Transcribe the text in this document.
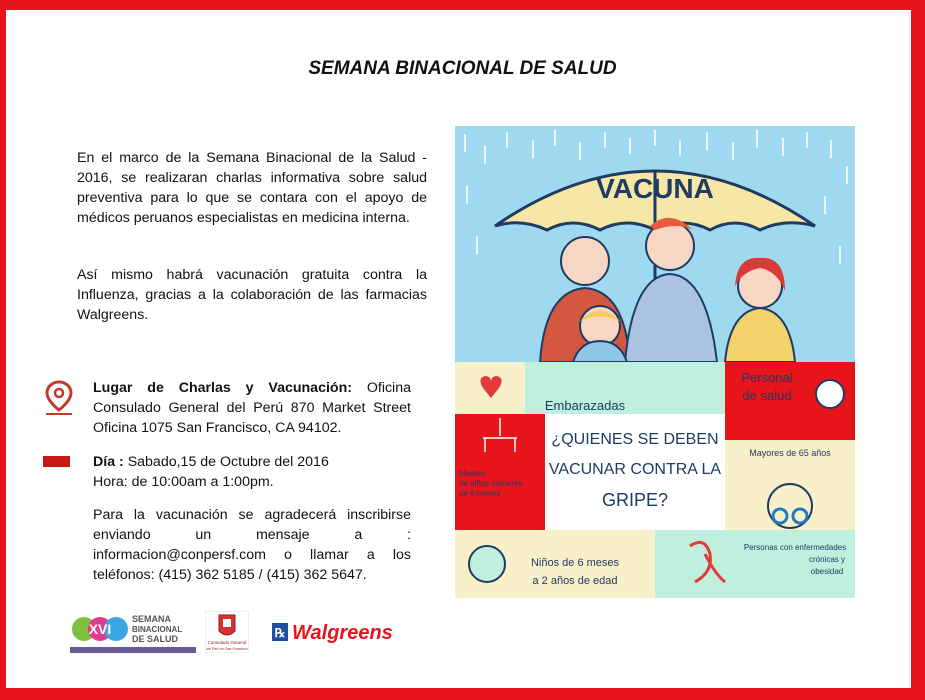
SEMANA BINACIONAL DE SALUD
En el marco de la Semana Binacional de la Salud - 2016, se realizaran charlas informativa sobre salud preventiva para lo que se contara con el apoyo de médicos peruanos especialistas en medicina interna.
Así mismo habrá vacunación gratuita contra la Influenza, gracias a la colaboración de las farmacias Walgreens.
Lugar de Charlas y Vacunación: Oficina Consulado General del Perú 870 Market Street Oficina 1075 San Francisco, CA 94102.
Día : Sabado,15 de Octubre del 2016
Hora: de 10:00am a 1:00pm.
Para la vacunación se agradecerá inscribirse enviando un mensaje a : informacion@conpersf.com o llamar a los teléfonos: (415) 362 5185 / (415) 362 5647.
VACUNA
Embarazadas
Personal
de salud
Madres
de niños menores
de 6 meses
¿QUIENES SE DEBEN
VACUNAR CONTRA LA
GRIPE?
Mayores de 65 años
Niños de 6 meses
a 2 años de edad
Personas con enfermedades
crónicas y
obesidad
XVI
SEMANA
BINACIONAL
DE SALUD	Consulado General
del Perú en San Francisco
℞ Walgreens
